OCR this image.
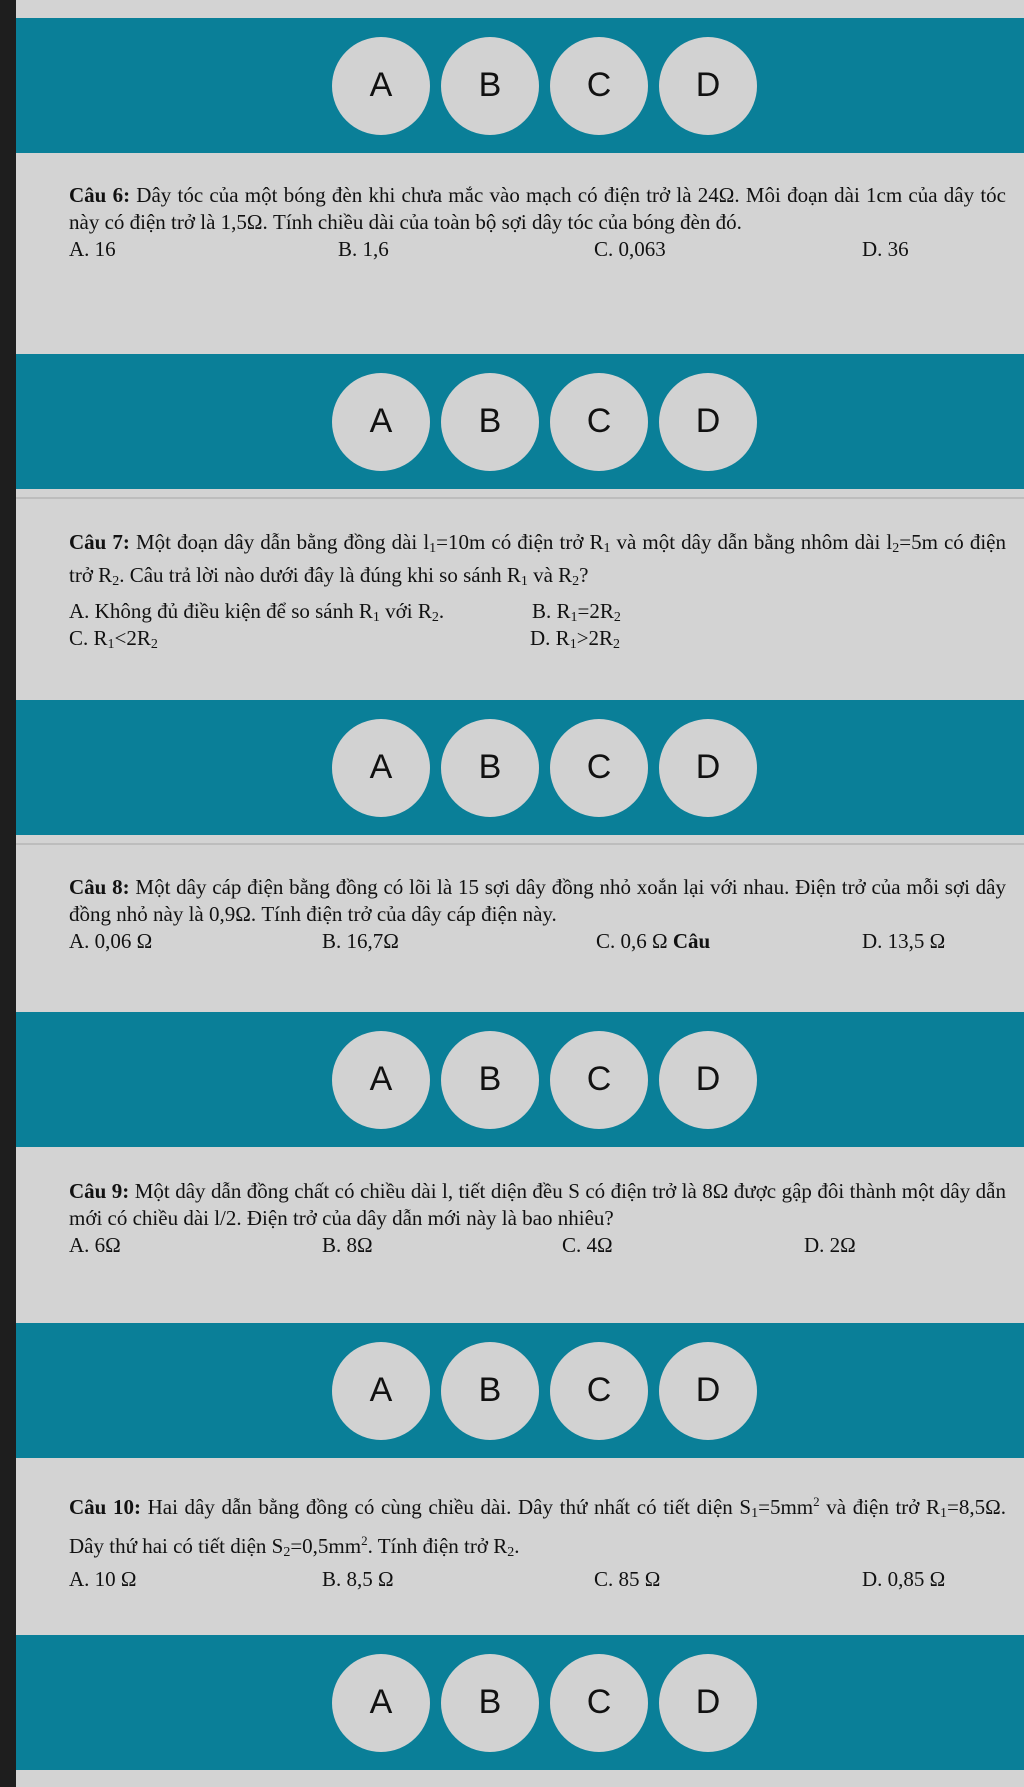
A	B	C	D
Câu 6: Dây tóc của một bóng đèn khi chưa mắc vào mạch có điện trở là 24Ω. Môi đoạn dài 1cm của dây tóc này có điện trở là 1,5Ω. Tính chiều dài của toàn bộ sợi dây tóc của bóng đèn đó.
A. 16	B. 1,6	C. 0,063	D. 36
A	B	C	D
Câu 7: Một đoạn dây dẫn bằng đồng dài $l_1=10m$ có điện trở $R_1$ và một dây dẫn bằng nhôm dài $l_2=5m$ có điện trở $R_2$. Câu trả lời nào dưới đây là đúng khi so sánh $R_1$ và $R_2$?
A. Không đủ điều kiện để so sánh $R_1$ với $R_2$.	B. $R_1=2R_2$
C. $R_1<2R_2$	D. $R_1>2R_2$
A	B	C	D
Câu 8: Một dây cáp điện bằng đồng có lõi là 15 sợi dây đồng nhỏ xoắn lại với nhau. Điện trở của mỗi sợi dây đồng nhỏ này là 0,9Ω. Tính điện trở của dây cáp điện này.
A. 0,06 Ω	B. 16,7Ω	C. 0,6 Ω Câu	D. 13,5 Ω
A	B	C	D
Câu 9: Một dây dẫn đồng chất có chiều dài l, tiết diện đều S có điện trở là 8Ω được gập đôi thành một dây dẫn mới có chiều dài l/2. Điện trở của dây dẫn mới này là bao nhiêu?
A. 6Ω	B. 8Ω	C. 4Ω	D. 2Ω
A	B	C	D
Câu 10: Hai dây dẫn bằng đồng có cùng chiều dài. Dây thứ nhất có tiết diện $S_1=5mm^2$ và điện trở $R_1=8,5\Omega$. Dây thứ hai có tiết diện $S_2=0,5mm^2$. Tính điện trở $R_2$.
A. 10 Ω	B. 8,5 Ω	C. 85 Ω	D. 0,85 Ω
A	B	C	D
